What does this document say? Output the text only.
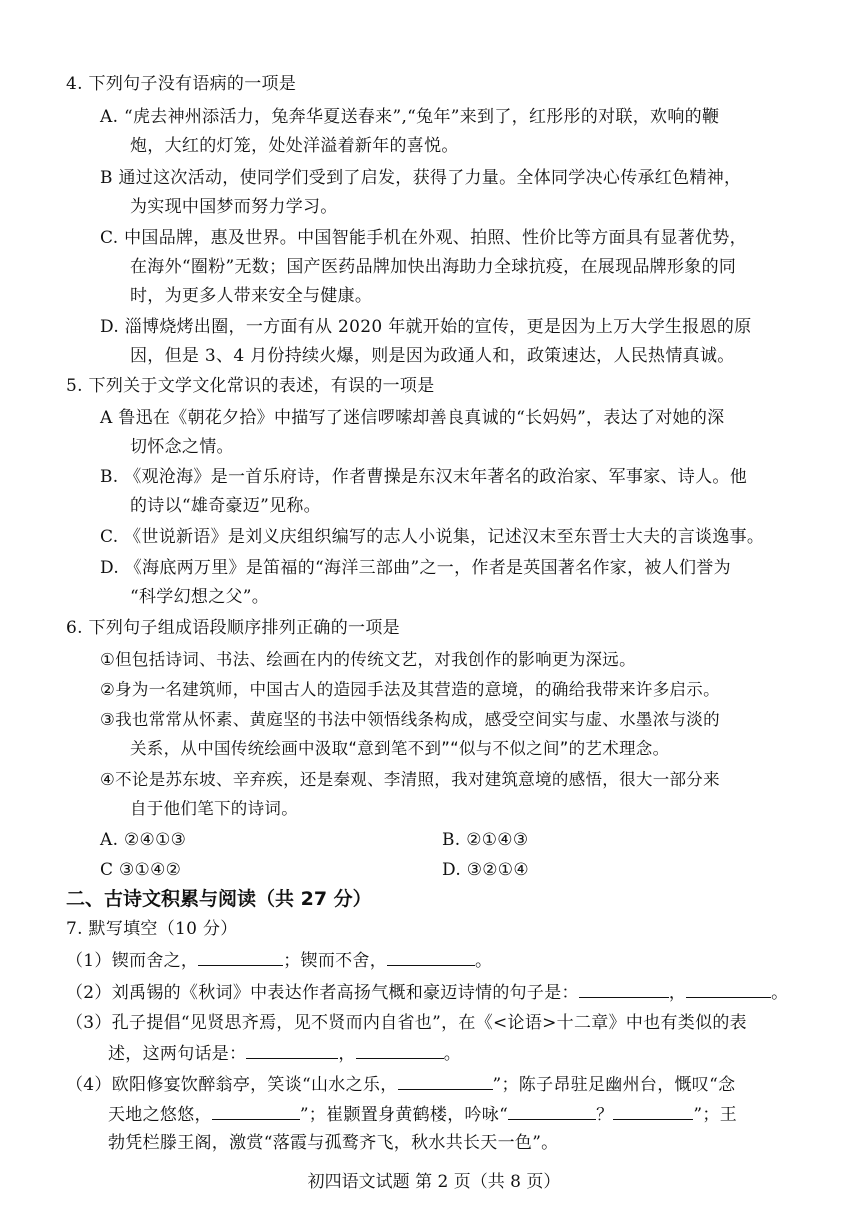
4. 下列句子没有语病的一项是
A. “虎去神州添活力，兔奔华夏送春来”,“兔年”来到了，红彤彤的对联，欢响的鞭
炮，大红的灯笼，处处洋溢着新年的喜悦。
B 通过这次活动，使同学们受到了启发，获得了力量。全体同学决心传承红色精神，
为实现中国梦而努力学习。
C. 中国品牌，惠及世界。中国智能手机在外观、拍照、性价比等方面具有显著优势，
在海外“圈粉”无数；国产医药品牌加快出海助力全球抗疫，在展现品牌形象的同
时，为更多人带来安全与健康。
D. 淄博烧烤出圈，一方面有从 2020 年就开始的宣传，更是因为上万大学生报恩的原
因，但是 3、4 月份持续火爆，则是因为政通人和，政策速达，人民热情真诚。
5. 下列关于文学文化常识的表述，有误的一项是
A 鲁迅在《朝花夕拾》中描写了迷信啰嗦却善良真诚的“长妈妈”，表达了对她的深
切怀念之情。
B. 《观沧海》是一首乐府诗，作者曹操是东汉末年著名的政治家、军事家、诗人。他
的诗以“雄奇豪迈”见称。
C. 《世说新语》是刘义庆组织编写的志人小说集，记述汉末至东晋士大夫的言谈逸事。
D. 《海底两万里》是笛福的“海洋三部曲”之一，作者是英国著名作家，被人们誉为
“科学幻想之父”。
6. 下列句子组成语段顺序排列正确的一项是
①但包括诗词、书法、绘画在内的传统文艺，对我创作的影响更为深远。
②身为一名建筑师，中国古人的造园手法及其营造的意境，的确给我带来许多启示。
③我也常常从怀素、黄庭坚的书法中领悟线条构成，感受空间实与虚、水墨浓与淡的
关系，从中国传统绘画中汲取“意到笔不到”“似与不似之间”的艺术理念。
④不论是苏东坡、辛弃疾，还是秦观、李清照，我对建筑意境的感悟，很大一部分来
自于他们笔下的诗词。
A. ②④①③	B. ②①④③
C ③①④②	D. ③②①④
二、古诗文积累与阅读（共 27 分）
7. 默写填空（10 分）
（1）锲而舍之，	；锲而不舍，	。
（2）刘禹锡的《秋词》中表达作者高扬气概和豪迈诗情的句子是：	，	。
（3）孔子提倡“见贤思齐焉，见不贤而内自省也”，在《<论语>十二章》中也有类似的表
述，这两句话是：	，	。
（4）欧阳修宴饮醉翁亭，笑谈“山水之乐，	”；陈子昂驻足幽州台，慨叹“念
天地之悠悠，	”；崔颢置身黄鹤楼，吟咏“	？	”；王
勃凭栏滕王阁，激赏“落霞与孤鹜齐飞，秋水共长天一色”。
初四语文试题 第 2 页（共 8 页）
